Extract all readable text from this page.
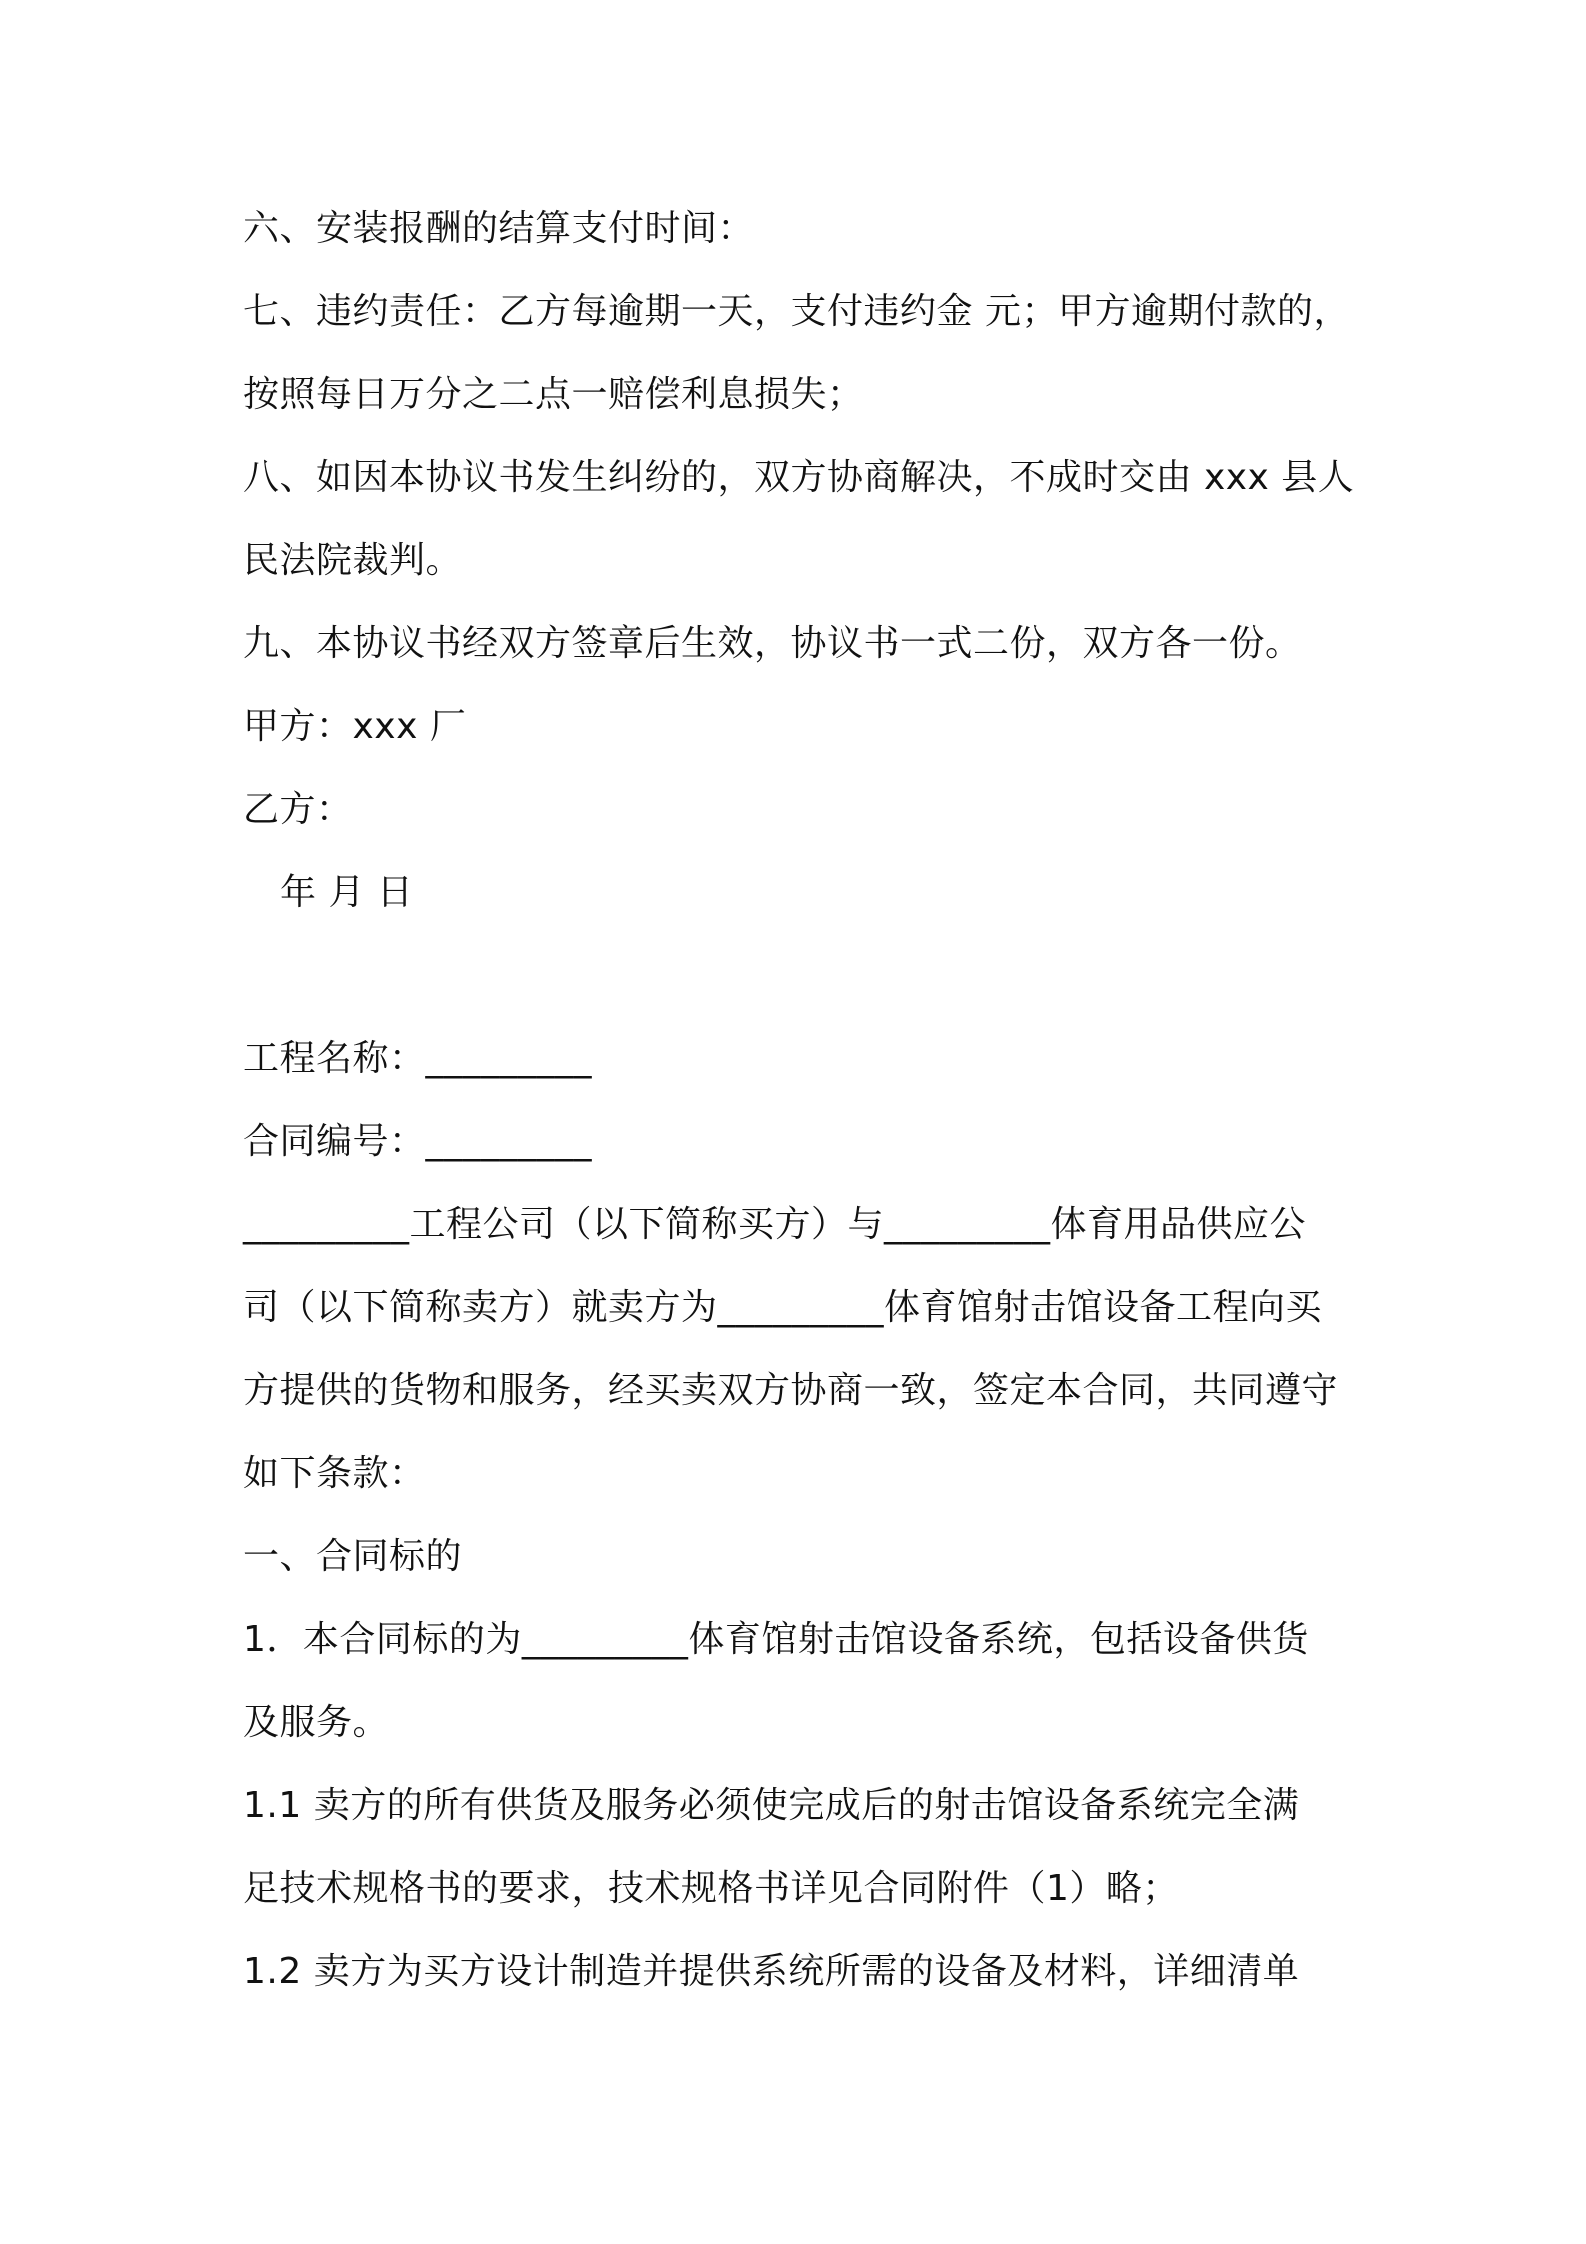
六、安装报酬的结算支付时间：

七、违约责任：乙方每逾期一天，支付违约金 元；甲方逾期付款的，

按照每日万分之二点一赔偿利息损失；

八、如因本协议书发生纠纷的，双方协商解决，不成时交由 xxx 县人

民法院裁判。

九、本协议书经双方签章后生效，协议书一式二份，双方各一份。

甲方：xxx 厂

乙方：

年 月 日

工程名称：_________

合同编号：_________

_________工程公司（以下简称买方）与_________体育用品供应公

司（以下简称卖方）就卖方为_________体育馆射击馆设备工程向买

方提供的货物和服务，经买卖双方协商一致，签定本合同，共同遵守

如下条款：

一、合同标的

1．本合同标的为_________体育馆射击馆设备系统，包括设备供货

及服务。

1.1 卖方的所有供货及服务必须使完成后的射击馆设备系统完全满

足技术规格书的要求，技术规格书详见合同附件（1）略；

1.2 卖方为买方设计制造并提供系统所需的设备及材料，详细清单
